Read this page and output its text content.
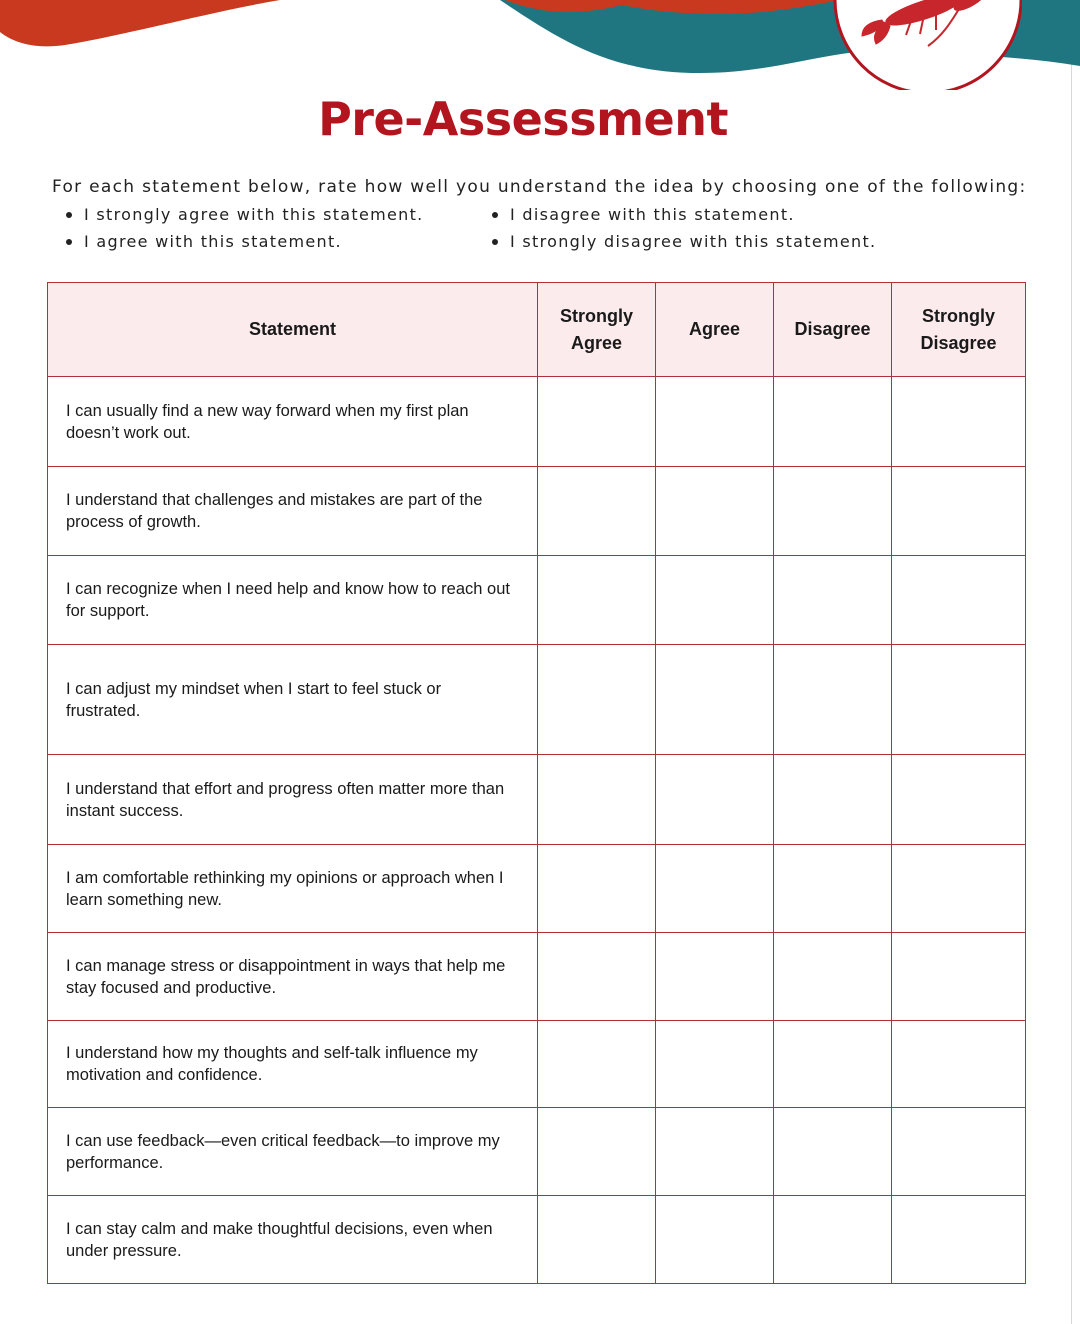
Pre-Assessment

For each statement below, rate how well you understand the idea by choosing one of the following:

I strongly agree with this statement.
I agree with this statement.
I disagree with this statement.
I strongly disagree with this statement.
Statement	Strongly Agree	Agree	Disagree	Strongly Disagree
I can usually find a new way forward when my first plan doesn’t work out.				
I understand that challenges and mistakes are part of the process of growth.				
I can recognize when I need help and know how to reach out for support.				
I can adjust my mindset when I start to feel stuck or frustrated.				
I understand that effort and progress often matter more than instant success.				
I am comfortable rethinking my opinions or approach when I learn something new.				
I can manage stress or disappointment in ways that help me stay focused and productive.				
I understand how my thoughts and self-talk influence my motivation and confidence.				
I can use feedback—even critical feedback—to improve my performance.				
I can stay calm and make thoughtful decisions, even when under pressure.				
